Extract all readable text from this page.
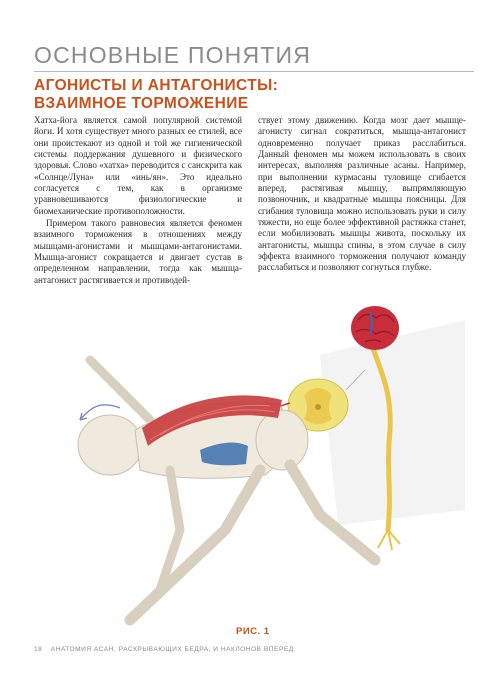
ОСНОВНЫЕ ПОНЯТИЯ
АГОНИСТЫ И АНТАГОНИСТЫ:
ВЗАИМНОЕ ТОРМОЖЕНИЕ

Хатха-йога является самой популярной системой йоги. И хотя существует много разных ее стилей, все они проистекают из одной и той же гигиенической системы поддержания душевного и физического здоровья. Слово «хатха» переводится с санскрита как «Солнце/Луна» или «инь/ян». Это идеально согласуется с тем, как в организме уравновешиваются физиологические и биомеханические противоположности.

Примером такого равновесия является феномен взаимного торможения в отношениях между мышцами-агонистами и мышцами-антагонистами. Мышца-агонист сокращается и двигает сустав в определенном направлении, тогда как мышца-антагонист растягивается и противодей-

ствует этому движению. Когда мозг дает мышце-агонисту сигнал сократиться, мышца-антагонист одновременно получает приказ расслабиться. Данный феномен мы можем использовать в своих интересах, выполняя различные асаны. Например, при выполнении курмасаны туловище сгибается вперед, растягивая мышцу, выпрямляющую позвоночник, и квадратные мышцы поясницы. Для сгибания туловища можно использовать руки и силу тяжести, но еще более эффективной растяжка станет, если мобилизовать мышцы живота, поскольку их антагонисты, мышцы спины, в этом случае в силу эффекта взаимного торможения получают команду расслабиться и позволяют согнуться глубже.

РИС. 1
18 АНАТОМИЯ АСАН, РАСКРЫВАЮЩИХ БЕДРА, И НАКЛОНОВ ВПЕРЕД
